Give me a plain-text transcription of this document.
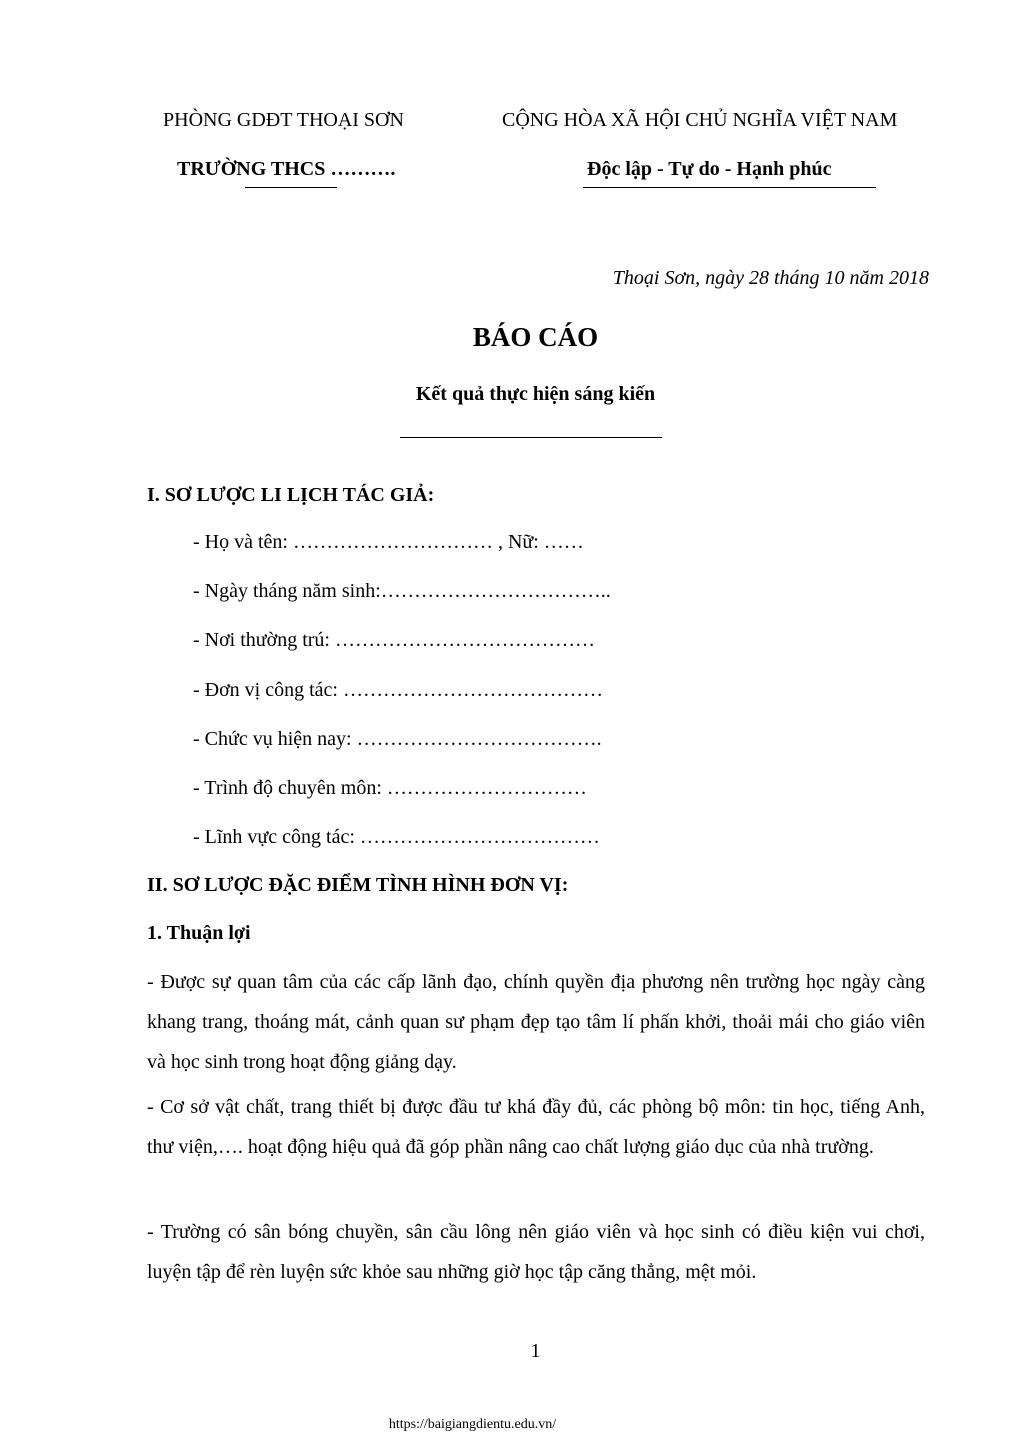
PHÒNG GDĐT THOẠI SƠN
TRƯỜNG THCS ……….
CỘNG HÒA XÃ HỘI CHỦ NGHĨA VIỆT NAM
Độc lập - Tự do - Hạnh phúc
Thoại Sơn, ngày 28 tháng 10 năm 2018
BÁO CÁO
Kết quả thực hiện sáng kiến
I. SƠ LƯỢC LI LỊCH TÁC GIẢ:
- Họ và tên: ………………………… , Nữ: ……
- Ngày tháng năm sinh:……………………………..
- Nơi thường trú: …………………………………
- Đơn vị công tác: …………………………………
- Chức vụ hiện nay: ……………………………….
- Trình độ chuyên môn: …………………………
- Lĩnh vực công tác: ………………………………
II. SƠ LƯỢC ĐẶC ĐIỂM TÌNH HÌNH ĐƠN VỊ:
1. Thuận lợi
- Được sự quan tâm của các cấp lãnh đạo, chính quyền địa phương nên trường học ngày càng khang trang, thoáng mát, cảnh quan sư phạm đẹp tạo tâm lí phấn khởi, thoải mái cho giáo viên và học sinh trong hoạt động giảng dạy.
- Cơ sở vật chất, trang thiết bị được đầu tư khá đầy đủ, các phòng bộ môn: tin học, tiếng Anh, thư viện,…. hoạt động hiệu quả đã góp phần nâng cao chất lượng giáo dục của nhà trường.
- Trường có sân bóng chuyền, sân cầu lông nên giáo viên và học sinh có điều kiện vui chơi, luyện tập để rèn luyện sức khỏe sau những giờ học tập căng thẳng, mệt mỏi.
1
https://baigiangdientu.edu.vn/
